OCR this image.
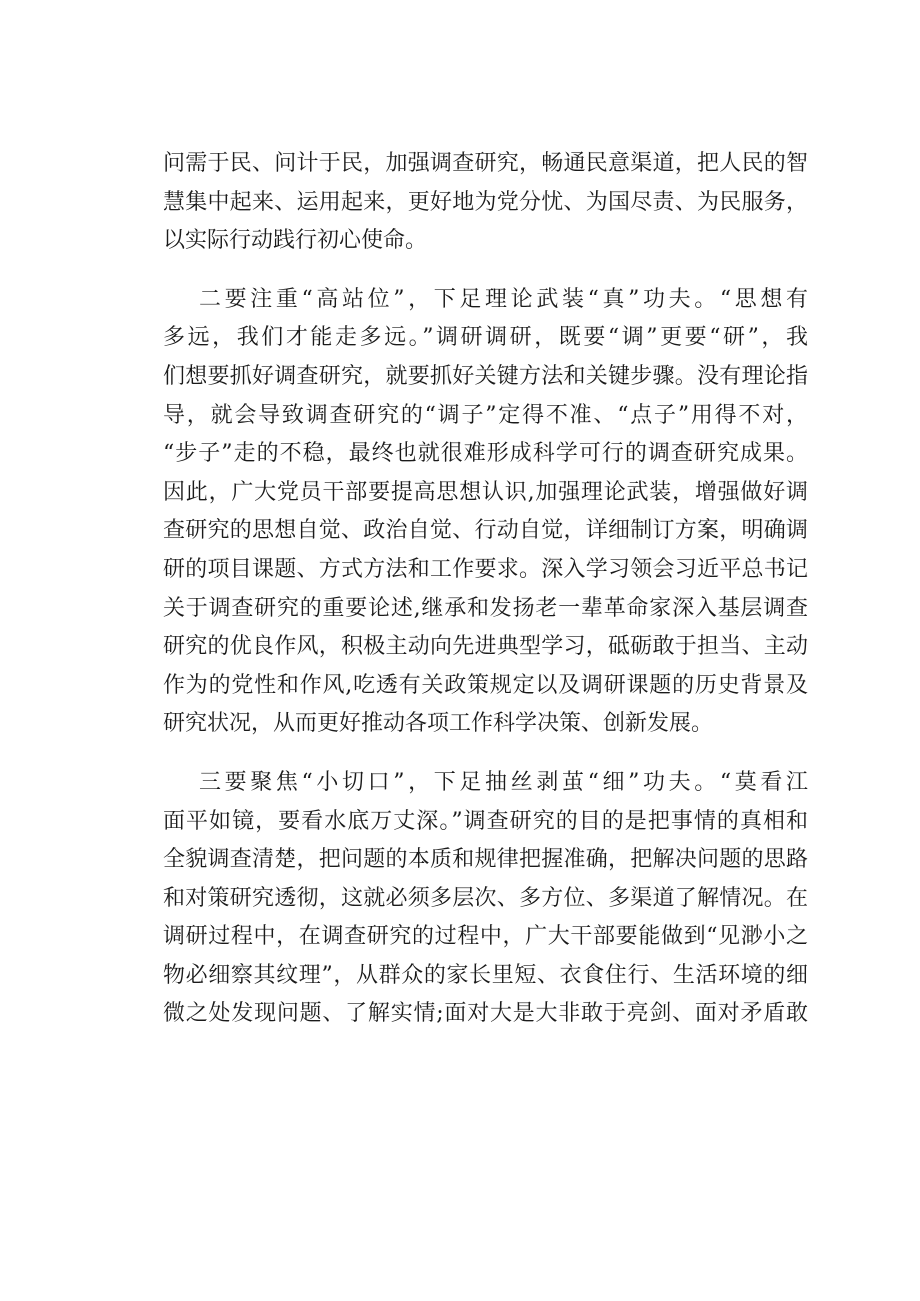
问需于民、问计于民，加强调查研究，畅通民意渠道，把人民的智
慧集中起来、运用起来，更好地为党分忧、为国尽责、为民服务，
以实际行动践行初心使命。

二要注重“高站位”，下足理论武装“真”功夫。“思想有
多远，我们才能走多远。”调研调研，既要“调”更要“研”，我
们想要抓好调查研究，就要抓好关键方法和关键步骤。没有理论指
导，就会导致调查研究的“调子”定得不准、“点子”用得不对，
“步子”走的不稳，最终也就很难形成科学可行的调查研究成果。
因此，广大党员干部要提高思想认识,加强理论武装，增强做好调
查研究的思想自觉、政治自觉、行动自觉，详细制订方案，明确调
研的项目课题、方式方法和工作要求。深入学习领会习近平总书记
关于调查研究的重要论述,继承和发扬老一辈革命家深入基层调查
研究的优良作风，积极主动向先进典型学习，砥砺敢于担当、主动
作为的党性和作风,吃透有关政策规定以及调研课题的历史背景及
研究状况，从而更好推动各项工作科学决策、创新发展。

三要聚焦“小切口”，下足抽丝剥茧“细”功夫。“莫看江
面平如镜，要看水底万丈深。”调查研究的目的是把事情的真相和
全貌调查清楚，把问题的本质和规律把握准确，把解决问题的思路
和对策研究透彻，这就必须多层次、多方位、多渠道了解情况。在
调研过程中，在调查研究的过程中，广大干部要能做到“见渺小之
物必细察其纹理”，从群众的家长里短、衣食住行、生活环境的细
微之处发现问题、了解实情;面对大是大非敢于亮剑、面对矛盾敢
